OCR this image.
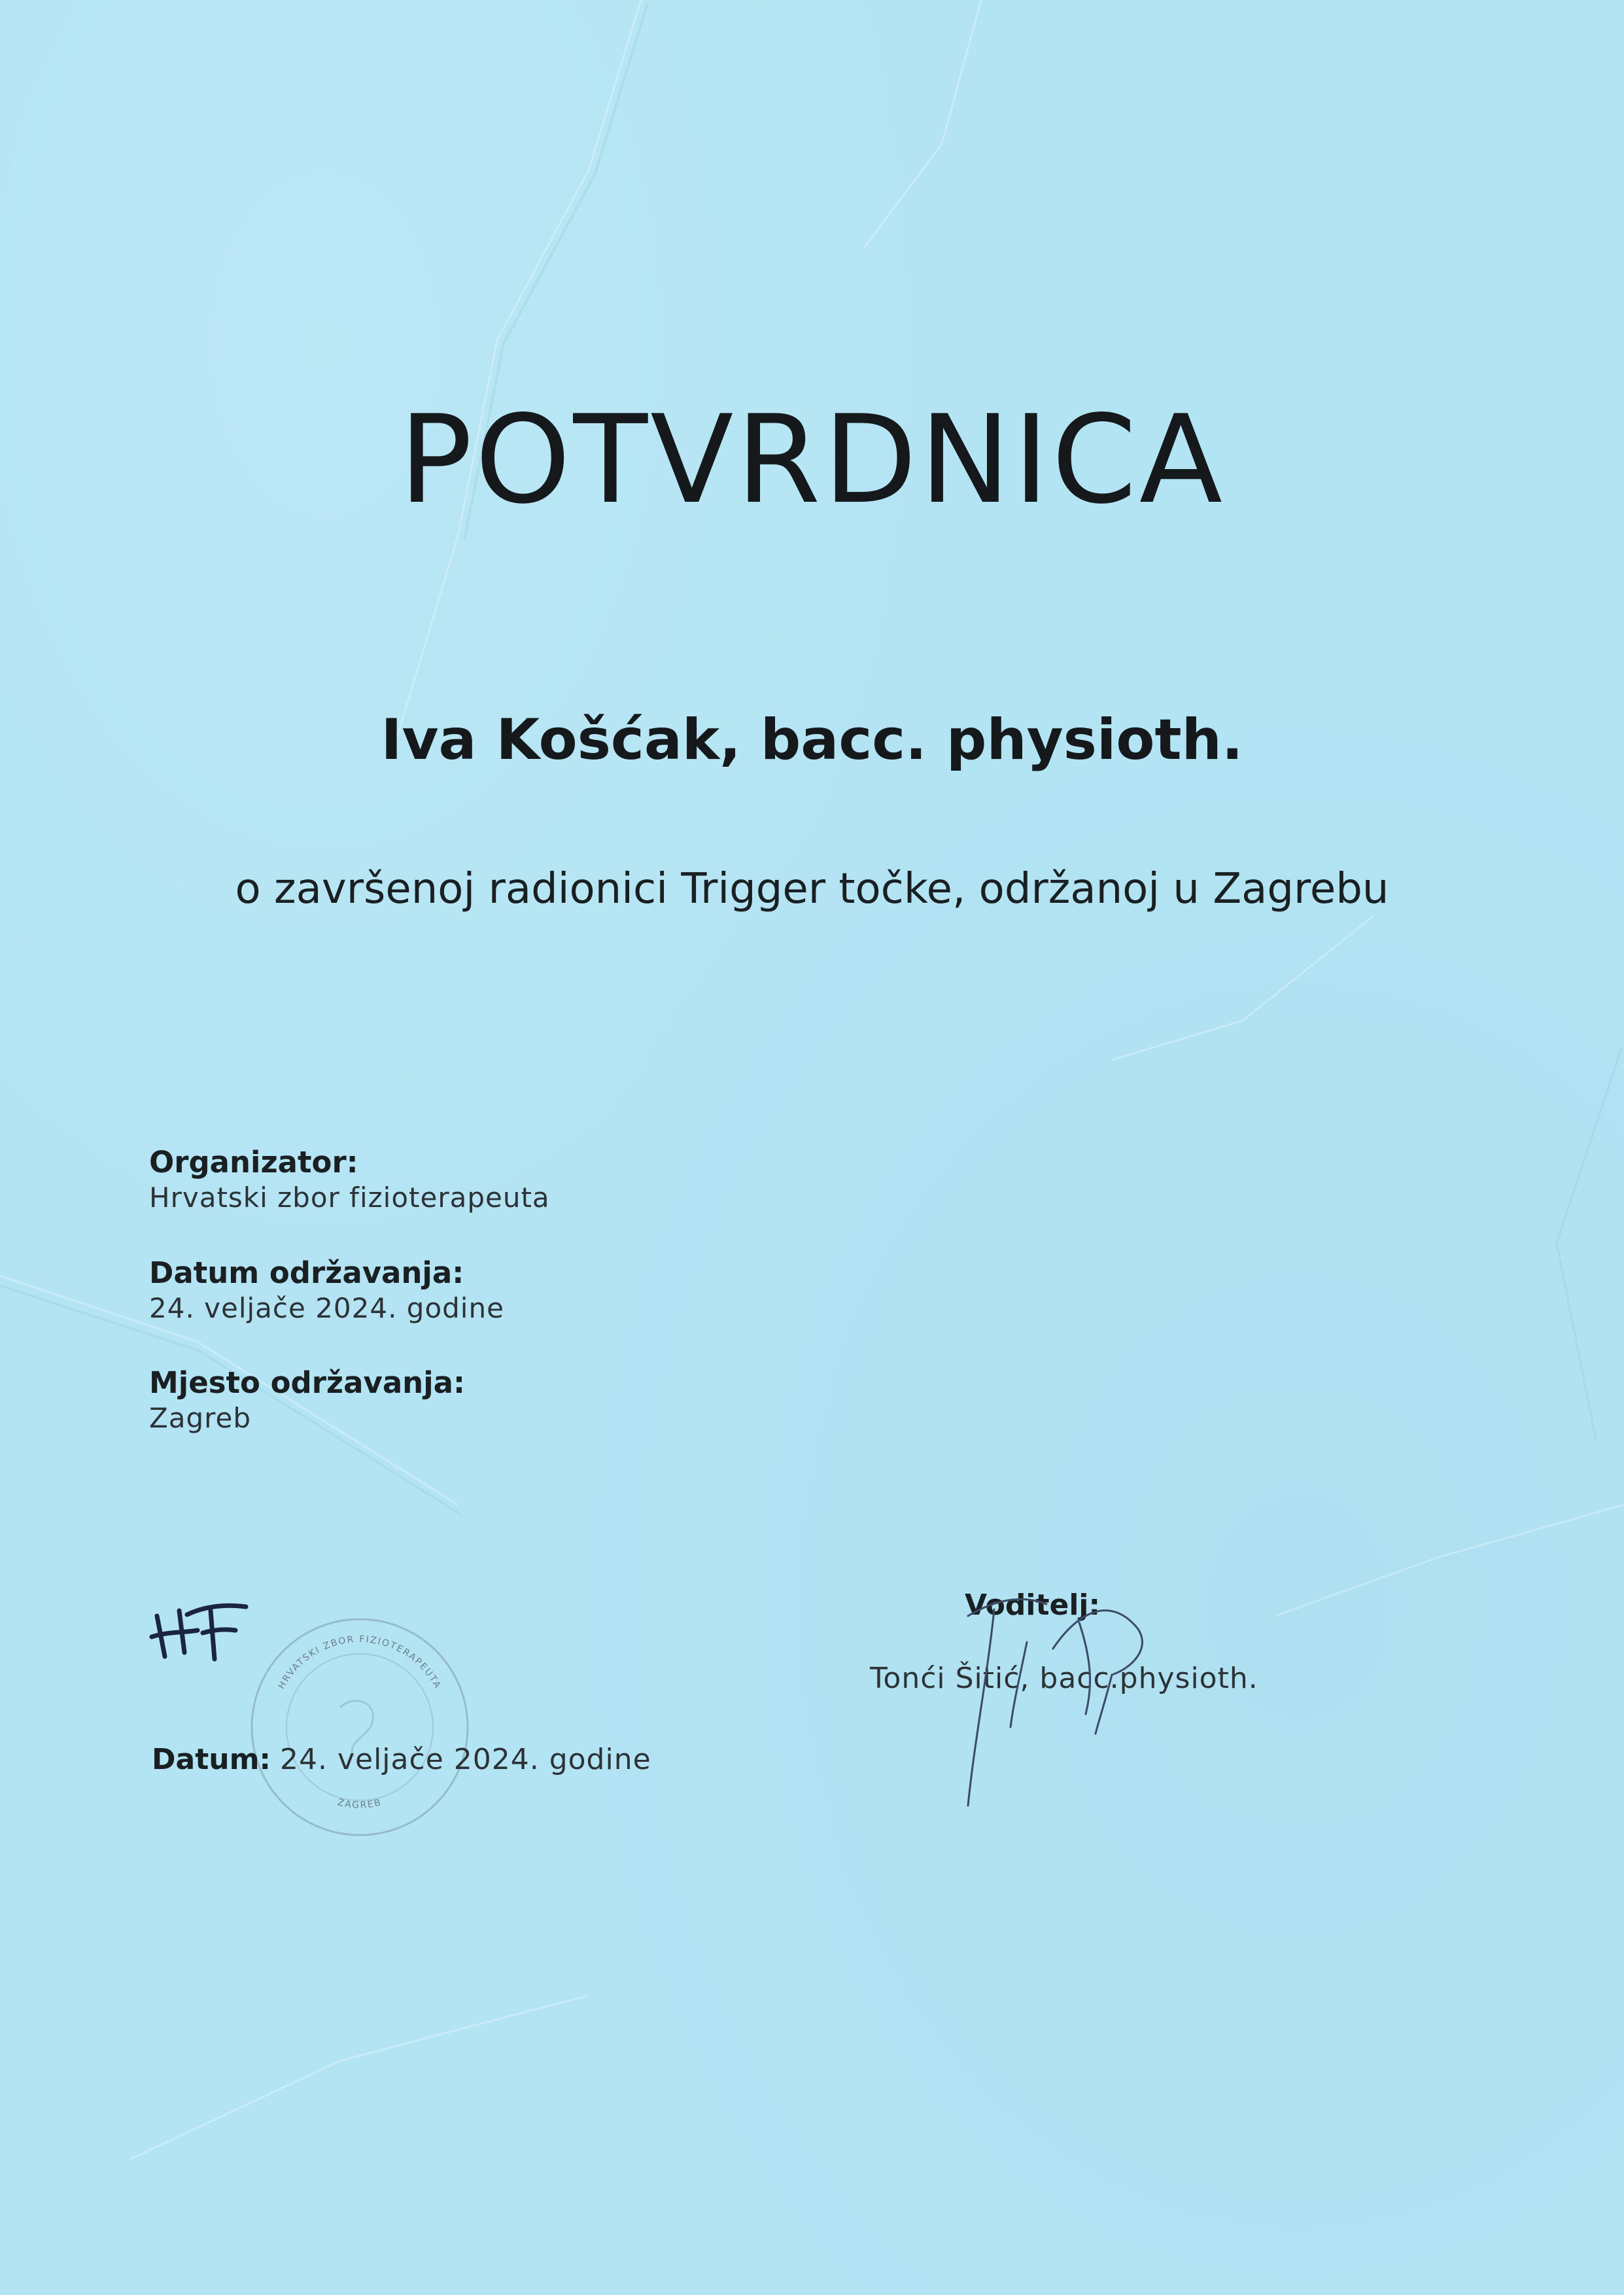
POTVRDNICA
Iva Košćak, bacc. physioth.
o završenoj radionici Trigger točke, održanoj u Zagrebu
Organizator:
Hrvatski zbor fizioterapeuta
Datum održavanja:
24. veljače 2024. godine
Mjesto održavanja:
Zagreb
HRVATSKI ZBOR FIZIOTERAPEUTA
ZAGREB
Datum: 24. veljače 2024. godine
Voditelj:
Tonći Šitić, bacc.physioth.
